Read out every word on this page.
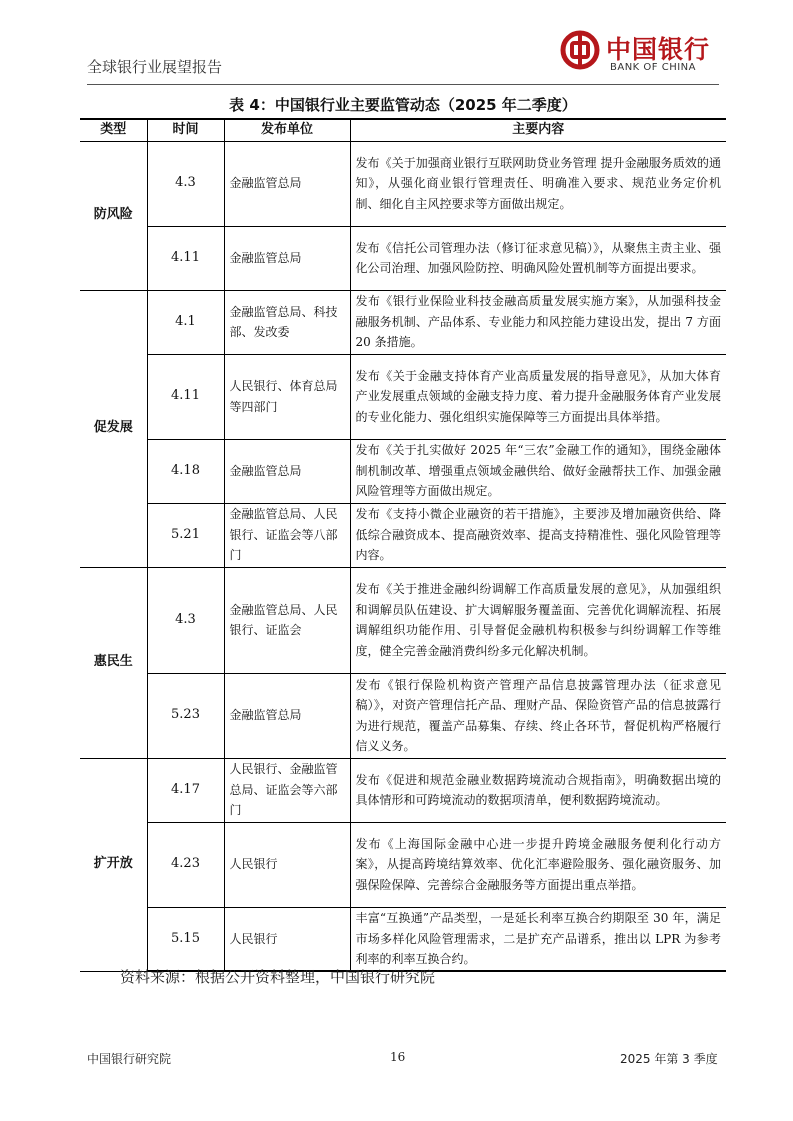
全球银行业展望报告
中国银行
BANK OF CHINA
表 4：中国银行业主要监管动态（2025 年二季度）
类型	时间	发布单位	主要内容
防风险	4.3	金融监管总局	发布《关于加强商业银行互联网助贷业务管理 提升金融服务质效的通知》，从强化商业银行管理责任、明确准入要求、规范业务定价机制、细化自主风控要求等方面做出规定。
	4.11	金融监管总局	发布《信托公司管理办法（修订征求意见稿）》，从聚焦主责主业、强化公司治理、加强风险防控、明确风险处置机制等方面提出要求。
促发展	4.1	金融监管总局、科技部、发改委	发布《银行业保险业科技金融高质量发展实施方案》，从加强科技金融服务机制、产品体系、专业能力和风控能力建设出发，提出 7 方面 20 条措施。
	4.11	人民银行、体育总局等四部门	发布《关于金融支持体育产业高质量发展的指导意见》，从加大体育产业发展重点领域的金融支持力度、着力提升金融服务体育产业发展的专业化能力、强化组织实施保障等三方面提出具体举措。
	4.18	金融监管总局	发布《关于扎实做好 2025 年“三农”金融工作的通知》，围绕金融体制机制改革、增强重点领域金融供给、做好金融帮扶工作、加强金融风险管理等方面做出规定。
	5.21	金融监管总局、人民银行、证监会等八部门	发布《支持小微企业融资的若干措施》，主要涉及增加融资供给、降低综合融资成本、提高融资效率、提高支持精准性、强化风险管理等内容。
惠民生	4.3	金融监管总局、人民银行、证监会	发布《关于推进金融纠纷调解工作高质量发展的意见》，从加强组织和调解员队伍建设、扩大调解服务覆盖面、完善优化调解流程、拓展调解组织功能作用、引导督促金融机构积极参与纠纷调解工作等维度，健全完善金融消费纠纷多元化解决机制。
	5.23	金融监管总局	发布《银行保险机构资产管理产品信息披露管理办法（征求意见稿）》，对资产管理信托产品、理财产品、保险资管产品的信息披露行为进行规范，覆盖产品募集、存续、终止各环节，督促机构严格履行信义义务。
扩开放	4.17	人民银行、金融监管总局、证监会等六部门	发布《促进和规范金融业数据跨境流动合规指南》，明确数据出境的具体情形和可跨境流动的数据项清单，便利数据跨境流动。
	4.23	人民银行	发布《上海国际金融中心进一步提升跨境金融服务便利化行动方案》，从提高跨境结算效率、优化汇率避险服务、强化融资服务、加强保险保障、完善综合金融服务等方面提出重点举措。
	5.15	人民银行	丰富“互换通”产品类型，一是延长利率互换合约期限至 30 年，满足市场多样化风险管理需求，二是扩充产品谱系，推出以 LPR 为参考利率的利率互换合约。
资料来源：根据公开资料整理，中国银行研究院
中国银行研究院	16	2025 年第 3 季度
